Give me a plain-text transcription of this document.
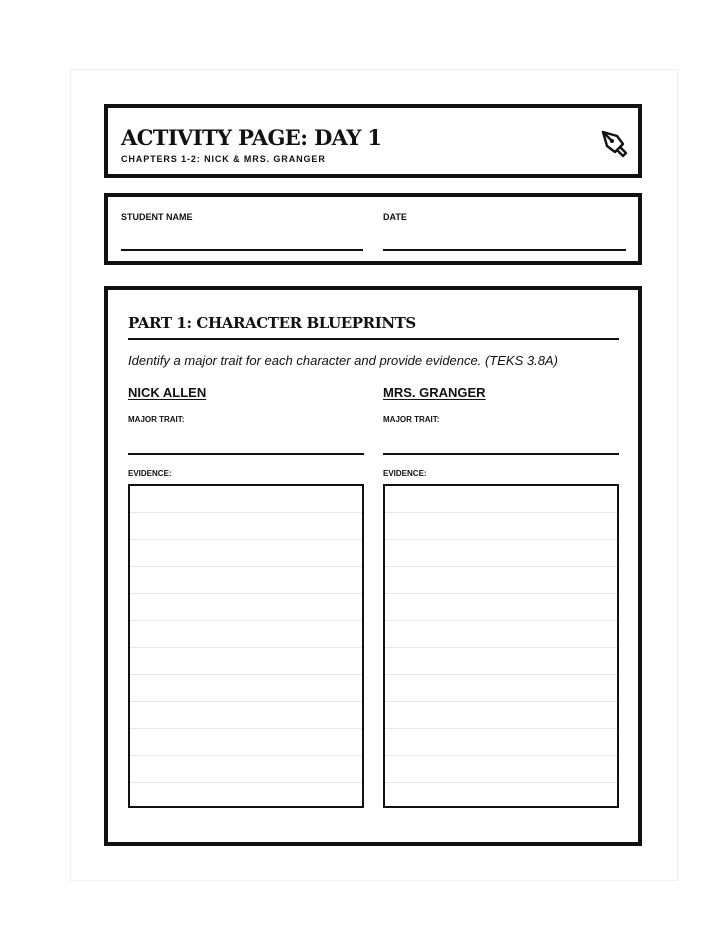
ACTIVITY PAGE: DAY 1
CHAPTERS 1-2: NICK & MRS. GRANGER
STUDENT NAME	DATE
PART 1: CHARACTER BLUEPRINTS
Identify a major trait for each character and provide evidence. (TEKS 3.8A)
NICK ALLEN
MAJOR TRAIT:
EVIDENCE:
MRS. GRANGER
MAJOR TRAIT:
EVIDENCE:
